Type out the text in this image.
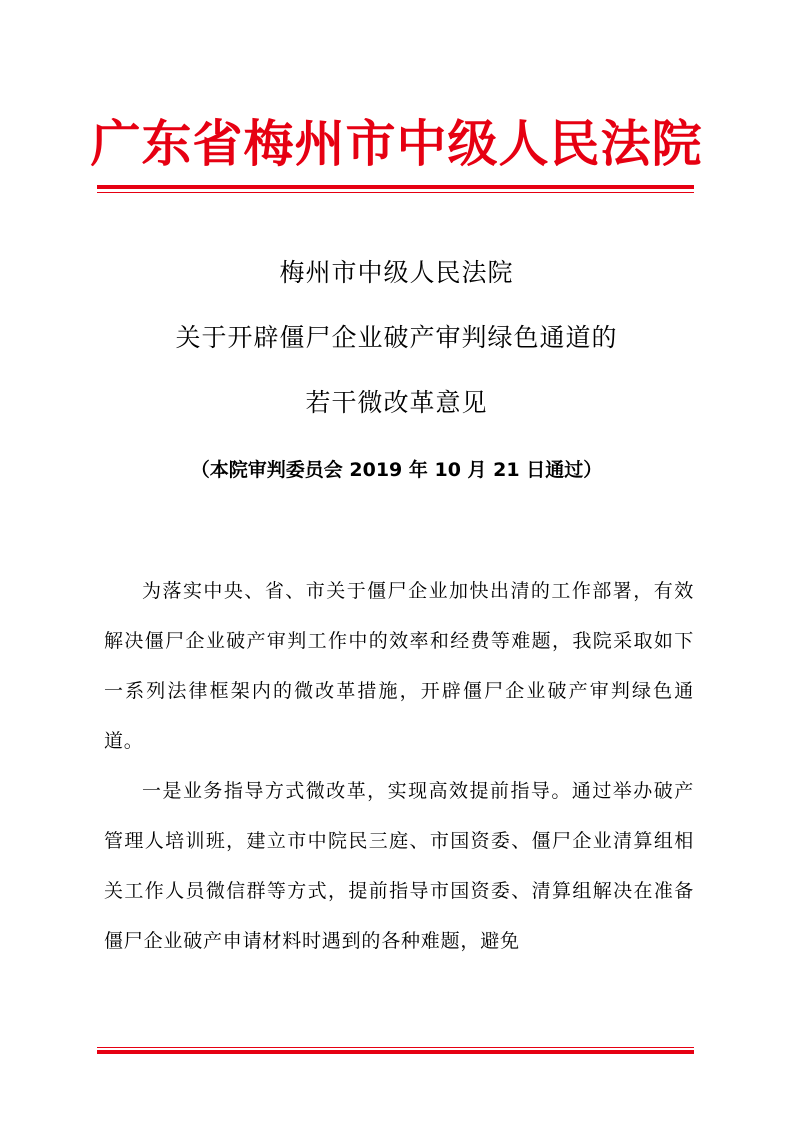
广东省梅州市中级人民法院
梅州市中级人民法院
关于开辟僵尸企业破产审判绿色通道的
若干微改革意见
（本院审判委员会 2019 年 10 月 21 日通过）

为落实中央、省、市关于僵尸企业加快出清的工作部署，有效解决僵尸企业破产审判工作中的效率和经费等难题，我院采取如下一系列法律框架内的微改革措施，开辟僵尸企业破产审判绿色通道。

一是业务指导方式微改革，实现高效提前指导。通过举办破产管理人培训班，建立市中院民三庭、市国资委、僵尸企业清算组相关工作人员微信群等方式，提前指导市国资委、清算组解决在准备僵尸企业破产申请材料时遇到的各种难题，避免
